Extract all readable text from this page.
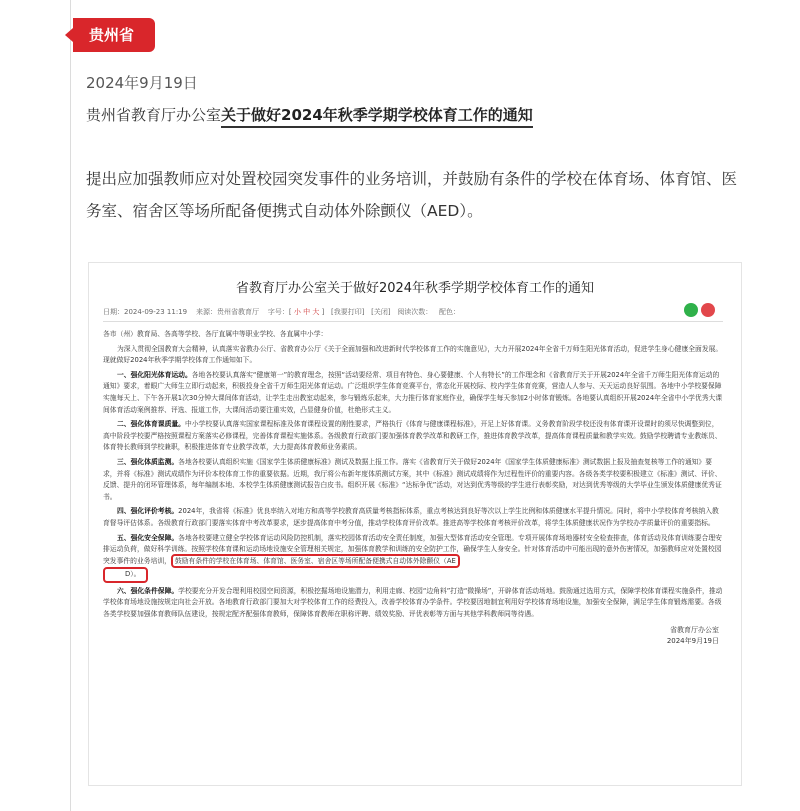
贵州省
2024年9月19日
贵州省教育厅办公室关于做好2024年秋季学期学校体育工作的通知
提出应加强教师应对处置校园突发事件的业务培训，并鼓励有条件的学校在体育场、体育馆、医务室、宿舍区等场所配备便携式自动体外除颤仪（AED）。
省教育厅办公室关于做好2024年秋季学期学校体育工作的通知
日期：2024-09-23 11:19 来源：贵州省教育厅 字号：[ 小 中 大 ] [我要打印] [关闭] 阅读次数： 配色：

各市（州）教育局、各高等学校、各厅直属中等职业学校、各直属中小学：

为深入贯彻全国教育大会精神，认真落实省教办公厅、省教育办公厅《关于全面加强和改进新时代学校体育工作的实施意见》，大力开展2024年全省千万师生阳光体育活动，促进学生身心健康全面发展。现就做好2024年秋季学期学校体育工作通知如下。

一、强化阳光体育运动。各地各校要认真落实“健康第一”的教育理念，按照“活动要经常、项目有特色、身心要健康、个人有特长”的工作理念和《省教育厅关于开展2024年全省千万师生阳光体育运动的通知》要求，着眼广大师生立即行动起来，积极投身全省千万师生阳光体育运动。广泛组织学生体育竞赛平台，常态化开展校际、校内学生体育竞赛，营造人人参与、天天运动良好氛围。各地中小学校要保障实施每天上、下午各开展1次30分钟大课间体育活动，让学生走出教室动起来，参与锻炼乐起来，大力推行体育家庭作业，确保学生每天参加2小时体育锻炼。各地要认真组织开展2024年全省中小学优秀大课间体育活动案例推荐、评选、报道工作，大课间活动要注重实效，凸显健身价值，杜绝形式主义。

二、强化体育课质量。中小学校要认真落实国家课程标准及体育课程设置的刚性要求，严格执行《体育与健康课程标准》，开足上好体育课。义务教育阶段学校还没有体育课开设课时的须尽快调整到位，高中阶段学校要严格按照课程方案落实必修课程，完善体育课程实施体系。各级教育行政部门要加强体育教学改革和教研工作，推进体育教学改革，提高体育课程质量和教学实效。鼓励学校聘请专业教练员、体育特长教师到学校兼职，积极推进体育专业教学改革，大力提高体育教师业务素质。

三、强化体质监测。各地各校要认真组织实施《国家学生体质健康标准》测试及数据上报工作。落实《省教育厅关于做好2024年《国家学生体质健康标准》测试数据上报及抽查复核等工作的通知》要求，并将《标准》测试成绩作为评价本校体育工作的重要依据。近期，我厅将公布新年度体质测试方案，其中《标准》测试成绩将作为过程性评价的重要内容。各级各类学校要积极建立《标准》测试、评价、反馈、提升的闭环管理体系，每年编制本地、本校学生体质健康测试报告白皮书。组织开展《标准》“达标争优”活动，对达到优秀等级的学生进行表彰奖励，对达到优秀等级的大学毕业生颁发体质健康优秀证书。

四、强化评价考核。2024年，我省将《标准》优良率纳入对地方和高等学校教育高质量考核指标体系，重点考核达到良好等次以上学生比例和体质健康水平提升情况。同时，将中小学校体育考核纳入教育督导评估体系。各级教育行政部门要落实体育中考改革要求，逐步提高体育中考分值，推动学校体育评价改革。推进高等学校体育考核评价改革，将学生体质健康状况作为学校办学质量评价的重要指标。

五、强化安全保障。各地各校要建立健全学校体育运动风险防控机制，落实校园体育活动安全责任制度，加强大型体育活动安全管理。专项开展体育场地器材安全检查排查，体育活动及体育训练要合理安排运动负荷，做好科学训练。按照学校体育课和运动场地设施安全管理相关规定，加强体育教学和训练的安全防护工作，确保学生人身安全。针对体育活动中可能出现的意外伤害情况，加强教师应对处置校园突发事件的业务培训， 鼓励有条件的学校在体育场、体育馆、医务室、宿舍区等场所配备便携式自动体外除颤仪（AE
D）。

六、强化条件保障。学校要充分开发合理利用校园空间资源，积极挖掘场地设施潜力，利用走廊、校园“边角料”打造“微操场”，开辟体育活动场地。鼓励通过选用方式，保障学校体育课程实施条件，推动学校体育场地设施按规定向社会开放。各地教育行政部门要加大对学校体育工作的经费投入，改善学校体育办学条件。学校要因地制宜利用好学校体育场地设施，加强安全保障，满足学生体育锻炼需要。各级各类学校要加强体育教师队伍建设，按规定配齐配强体育教师，保障体育教师在职称评聘、绩效奖励、评优表彰等方面与其他学科教师同等待遇。

省教育厅办公室
2024年9月19日
